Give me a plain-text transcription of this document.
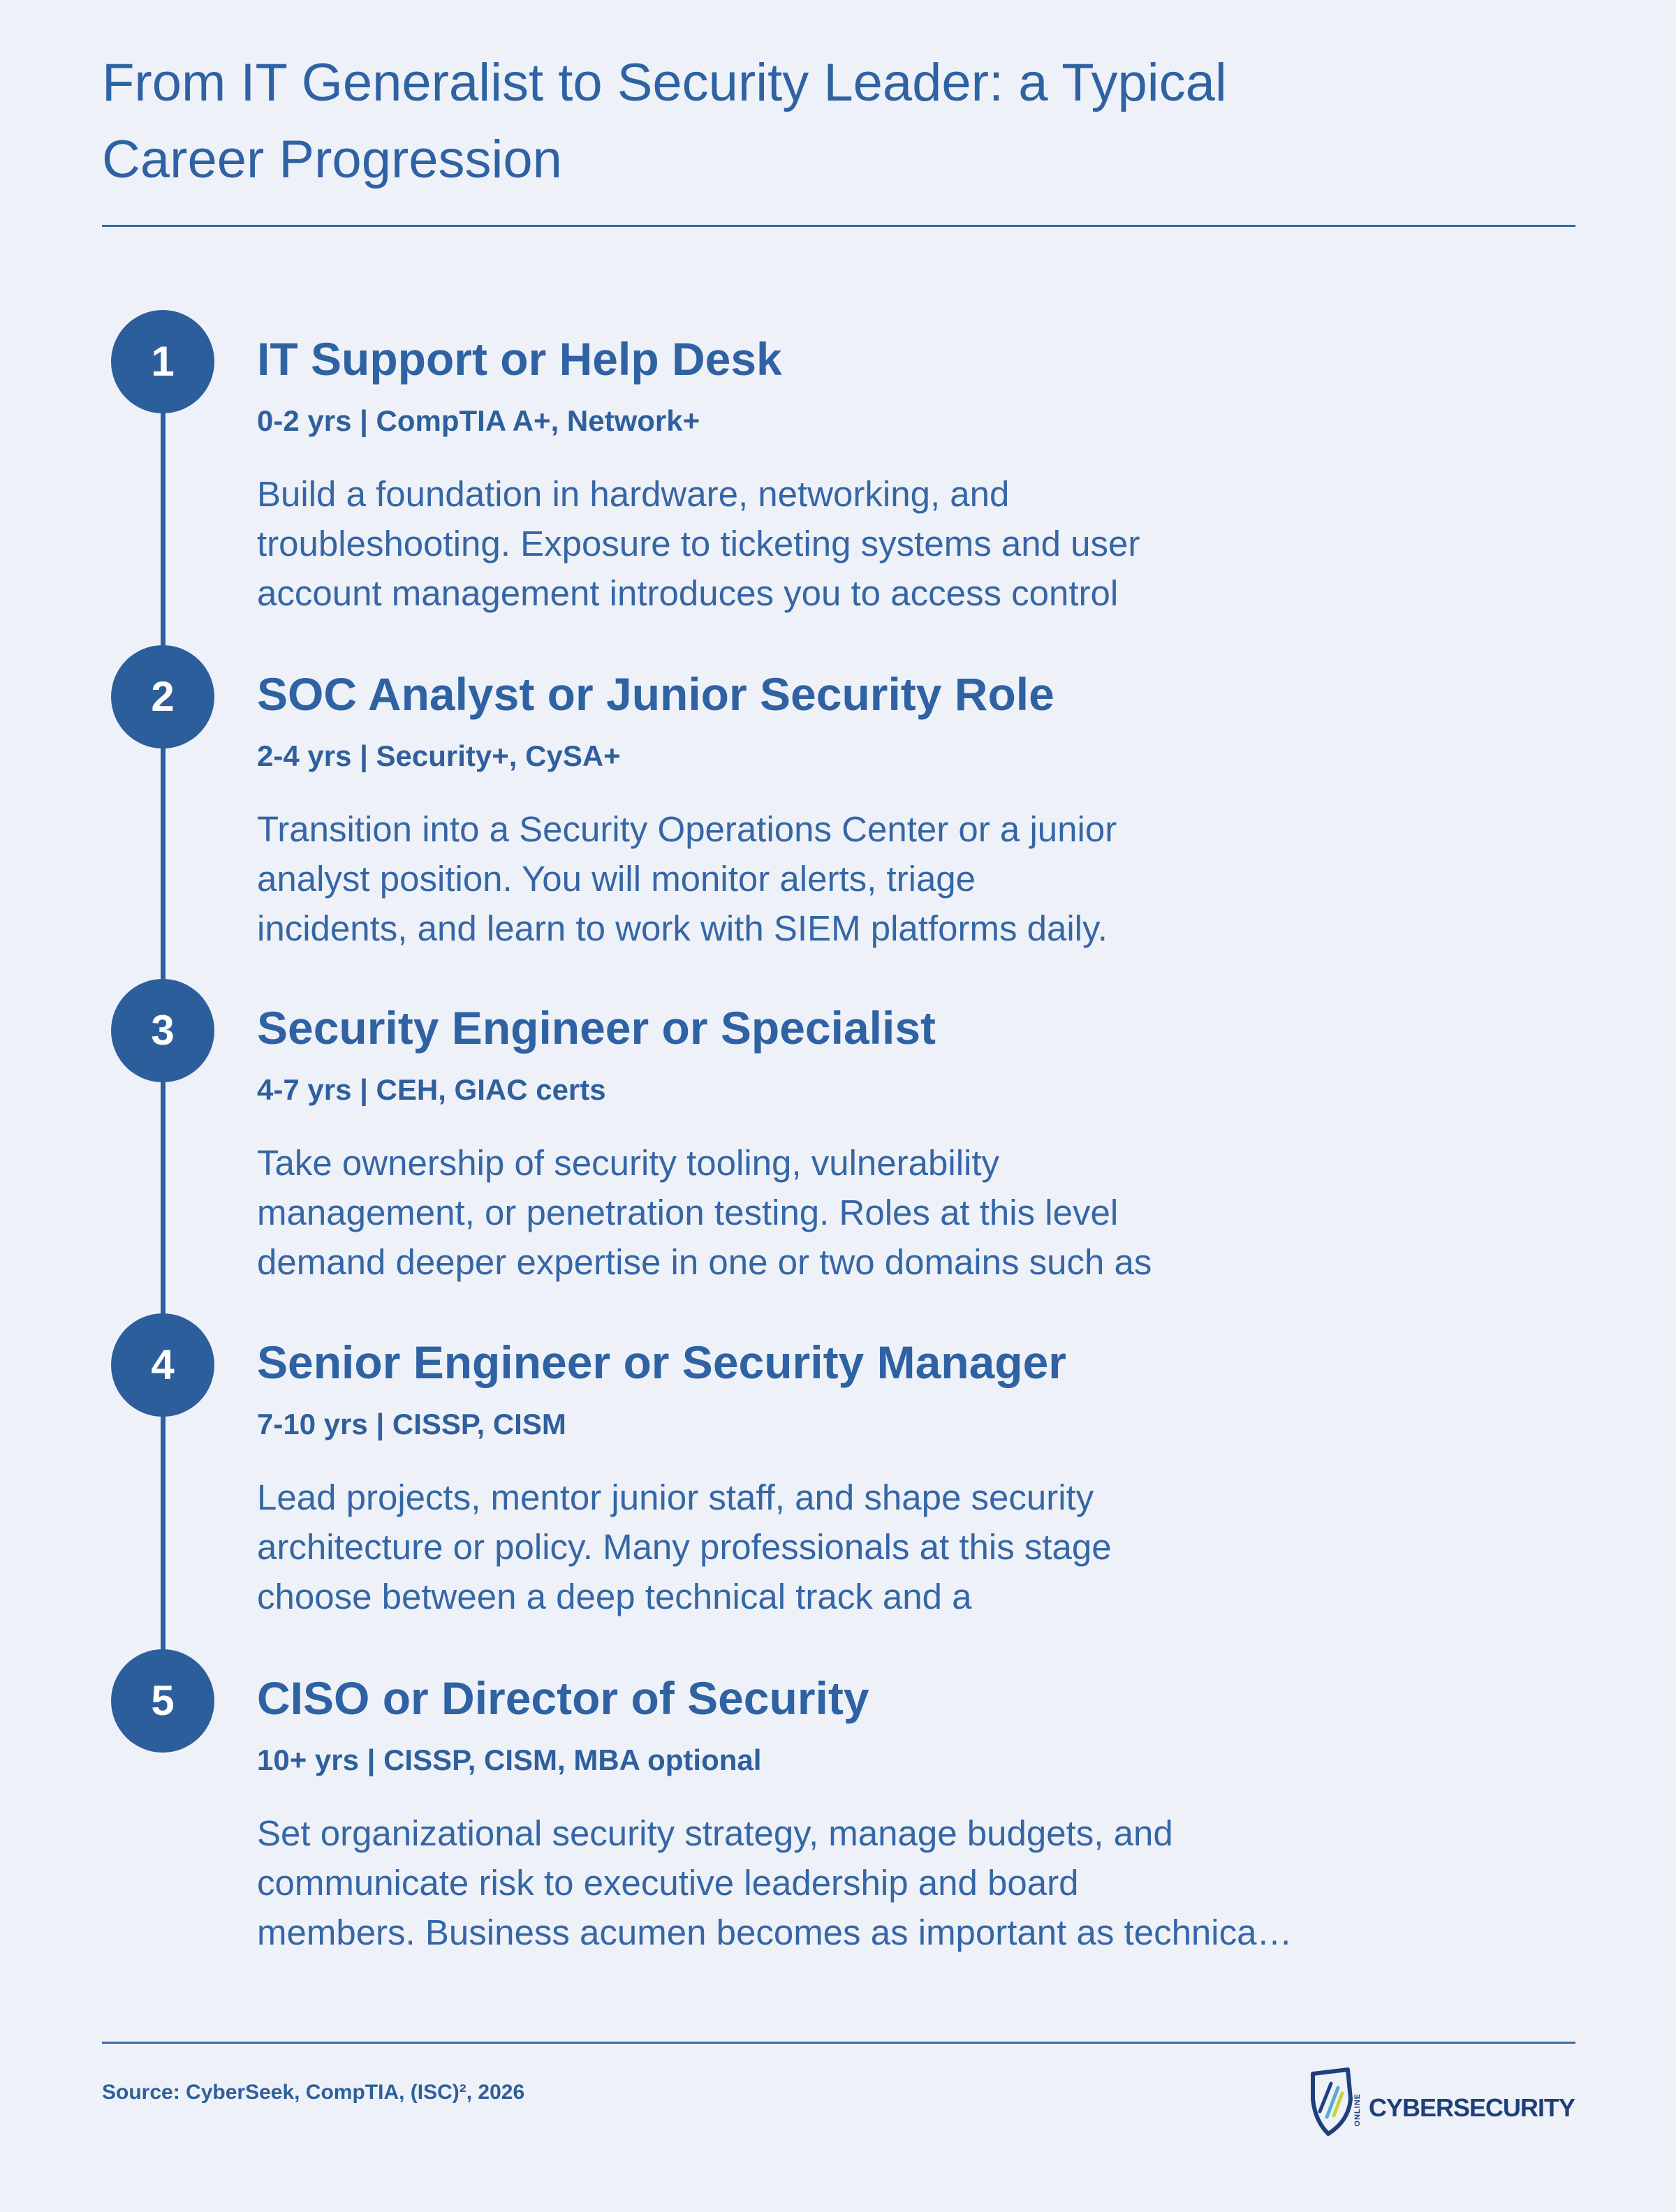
From IT Generalist to Security Leader: a Typical Career Progression
1	IT Support or Help Desk
0-2 yrs | CompTIA A+, Network+
Build a foundation in hardware, networking, and
troubleshooting. Exposure to ticketing systems and user
account management introduces you to access control
2	SOC Analyst or Junior Security Role
2-4 yrs | Security+, CySA+
Transition into a Security Operations Center or a junior
analyst position. You will monitor alerts, triage
incidents, and learn to work with SIEM platforms daily.
3	Security Engineer or Specialist
4-7 yrs | CEH, GIAC certs
Take ownership of security tooling, vulnerability
management, or penetration testing. Roles at this level
demand deeper expertise in one or two domains such as
4	Senior Engineer or Security Manager
7-10 yrs | CISSP, CISM
Lead projects, mentor junior staff, and shape security
architecture or policy. Many professionals at this stage
choose between a deep technical track and a
5	CISO or Director of Security
10+ yrs | CISSP, CISM, MBA optional
Set organizational security strategy, manage budgets, and
communicate risk to executive leadership and board
members. Business acumen becomes as important as technica…
Source: CyberSeek, CompTIA, (ISC)², 2026
ONLINE CYBERSECURITY
